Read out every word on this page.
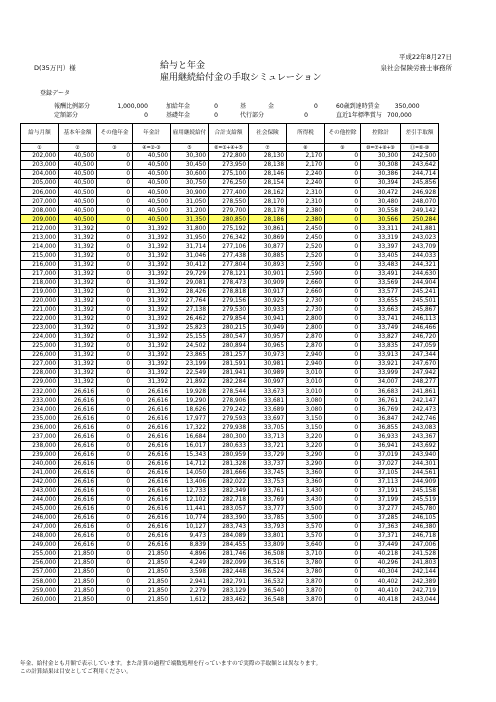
平成22年8月27日
D(35万円）様	給与と年金
雇用継続給付金の手取シミュレーション
泉社会保険労務士事務所
登録データ
報酬比例部分	1,000,000
定額部分	0
加給年金	0
基礎年金	0
基	金	0
代行部分	0
60歳到達時賃金	350,000
直近1年標準賞与 700,000
給与月額	基本年金額	その他年金	年金計	雇用継続給付	合計支給額	社会保険	所得税	その他控除	控除計	差引手取額
①	②	③	④=②-③	⑤	⑥=①+④+⑤	⑦	⑧	⑨	⑩=⑦+⑧+⑨	⑪=⑥-⑩
202,000	40,500	0	40,500	30,300	272,800	28,130	2,170	0	30,300	242,500
203,000	40,500	0	40,500	30,450	273,950	28,138	2,170	0	30,308	243,642
204,000	40,500	0	40,500	30,600	275,100	28,146	2,240	0	30,386	244,714
205,000	40,500	0	40,500	30,750	276,250	28,154	2,240	0	30,394	245,856
206,000	40,500	0	40,500	30,900	277,400	28,162	2,310	0	30,472	246,928
207,000	40,500	0	40,500	31,050	278,550	28,170	2,310	0	30,480	248,070
208,000	40,500	0	40,500	31,200	279,700	28,178	2,380	0	30,558	249,142
209,000	40,500	0	40,500	31,350	280,850	28,186	2,380	0	30,566	250,284
212,000	31,392	0	31,392	31,800	275,192	30,861	2,450	0	33,311	241,881
213,000	31,392	0	31,392	31,950	276,342	30,869	2,450	0	33,319	243,023
214,000	31,392	0	31,392	31,714	277,106	30,877	2,520	0	33,397	243,709
215,000	31,392	0	31,392	31,046	277,438	30,885	2,520	0	33,405	244,033
216,000	31,392	0	31,392	30,412	277,804	30,893	2,590	0	33,483	244,321
217,000	31,392	0	31,392	29,729	278,121	30,901	2,590	0	33,491	244,630
218,000	31,392	0	31,392	29,081	278,473	30,909	2,660	0	33,569	244,904
219,000	31,392	0	31,392	28,426	278,818	30,917	2,660	0	33,577	245,241
220,000	31,392	0	31,392	27,764	279,156	30,925	2,730	0	33,655	245,501
221,000	31,392	0	31,392	27,138	279,530	30,933	2,730	0	33,663	245,867
222,000	31,392	0	31,392	26,462	279,854	30,941	2,800	0	33,741	246,113
223,000	31,392	0	31,392	25,823	280,215	30,949	2,800	0	33,749	246,466
224,000	31,392	0	31,392	25,155	280,547	30,957	2,870	0	33,827	246,720
225,000	31,392	0	31,392	24,502	280,894	30,965	2,870	0	33,835	247,059
226,000	31,392	0	31,392	23,865	281,257	30,973	2,940	0	33,913	247,344
227,000	31,392	0	31,392	23,199	281,591	30,981	2,940	0	33,921	247,670
228,000	31,392	0	31,392	22,549	281,941	30,989	3,010	0	33,999	247,942
229,000	31,392	0	31,392	21,892	282,284	30,997	3,010	0	34,007	248,277
232,000	26,616	0	26,616	19,928	278,544	33,673	3,010	0	36,683	241,861
233,000	26,616	0	26,616	19,290	278,906	33,681	3,080	0	36,761	242,147
234,000	26,616	0	26,616	18,626	279,242	33,689	3,080	0	36,769	242,473
235,000	26,616	0	26,616	17,977	279,593	33,697	3,150	0	36,847	242,746
236,000	26,616	0	26,616	17,322	279,938	33,705	3,150	0	36,855	243,083
237,000	26,616	0	26,616	16,684	280,300	33,713	3,220	0	36,933	243,367
238,000	26,616	0	26,616	16,017	280,633	33,721	3,220	0	36,941	243,692
239,000	26,616	0	26,616	15,343	280,959	33,729	3,290	0	37,019	243,940
240,000	26,616	0	26,616	14,712	281,328	33,737	3,290	0	37,027	244,301
241,000	26,616	0	26,616	14,050	281,666	33,745	3,360	0	37,105	244,561
242,000	26,616	0	26,616	13,406	282,022	33,753	3,360	0	37,113	244,909
243,000	26,616	0	26,616	12,733	282,349	33,761	3,430	0	37,191	245,158
244,000	26,616	0	26,616	12,102	282,718	33,769	3,430	0	37,199	245,519
245,000	26,616	0	26,616	11,441	283,057	33,777	3,500	0	37,277	245,780
246,000	26,616	0	26,616	10,774	283,390	33,785	3,500	0	37,285	246,105
247,000	26,616	0	26,616	10,127	283,743	33,793	3,570	0	37,363	246,380
248,000	26,616	0	26,616	9,473	284,089	33,801	3,570	0	37,371	246,718
249,000	26,616	0	26,616	8,839	284,455	33,809	3,640	0	37,449	247,006
255,000	21,850	0	21,850	4,896	281,746	36,508	3,710	0	40,218	241,528
256,000	21,850	0	21,850	4,249	282,099	36,516	3,780	0	40,296	241,803
257,000	21,850	0	21,850	3,598	282,448	36,524	3,780	0	40,304	242,144
258,000	21,850	0	21,850	2,941	282,791	36,532	3,870	0	40,402	242,389
259,000	21,850	0	21,850	2,279	283,129	36,540	3,870	0	40,410	242,719
260,000	21,850	0	21,850	1,612	283,462	36,548	3,870	0	40,418	243,044
年金、給付金とも月額で表示しています。また計算の過程で端数処理を行っていますので実際の手取額とは異なります。
この計算結果は目安としてご利用ください。
